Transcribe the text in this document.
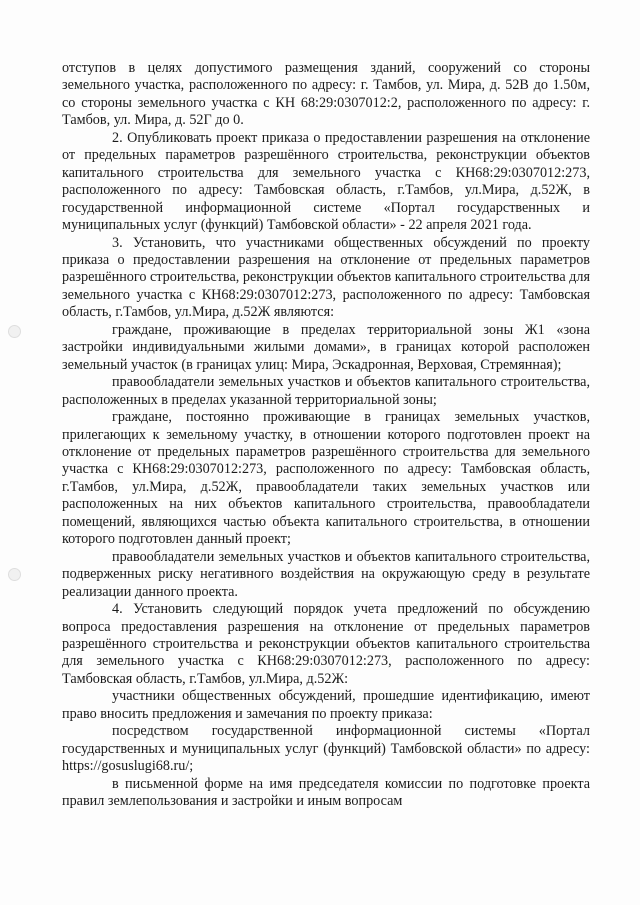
отступов в целях допустимого размещения зданий, сооружений со стороны земельного участка, расположенного по адресу: г. Тамбов, ул. Мира, д. 52В до 1.50м, со стороны земельного участка с КН 68:29:0307012:2, расположенного по адресу: г. Тамбов, ул. Мира, д. 52Г до 0.

2. Опубликовать проект приказа о предоставлении разрешения на отклонение от предельных параметров разрешённого строительства, реконструкции объектов капитального строительства для земельного участка с КН68:29:0307012:273, расположенного по адресу: Тамбовская область, г.Тамбов, ул.Мира, д.52Ж, в государственной информационной системе «Портал государственных и муниципальных услуг (функций) Тамбовской области» - 22 апреля 2021 года.

3. Установить, что участниками общественных обсуждений по проекту приказа о предоставлении разрешения на отклонение от предельных параметров разрешённого строительства, реконструкции объектов капитального строительства для земельного участка с КН68:29:0307012:273, расположенного по адресу: Тамбовская область, г.Тамбов, ул.Мира, д.52Ж являются:

граждане, проживающие в пределах территориальной зоны Ж1 «зона застройки индивидуальными жилыми домами», в границах которой расположен земельный участок (в границах улиц: Мира, Эскадронная, Верховая, Стремянная);

правообладатели земельных участков и объектов капитального строительства, расположенных в пределах указанной территориальной зоны;

граждане, постоянно проживающие в границах земельных участков, прилегающих к земельному участку, в отношении которого подготовлен проект на отклонение от предельных параметров разрешённого строительства для земельного участка с КН68:29:0307012:273, расположенного по адресу: Тамбовская область, г.Тамбов, ул.Мира, д.52Ж, правообладатели таких земельных участков или расположенных на них объектов капитального строительства, правообладатели помещений, являющихся частью объекта капитального строительства, в отношении которого подготовлен данный проект;

правообладатели земельных участков и объектов капитального строительства, подверженных риску негативного воздействия на окружающую среду в результате реализации данного проекта.

4. Установить следующий порядок учета предложений по обсуждению вопроса предоставления разрешения на отклонение от предельных параметров разрешённого строительства и реконструкции объектов капитального строительства для земельного участка с КН68:29:0307012:273, расположенного по адресу: Тамбовская область, г.Тамбов, ул.Мира, д.52Ж:

участники общественных обсуждений, прошедшие идентификацию, имеют право вносить предложения и замечания по проекту приказа:

посредством государственной информационной системы «Портал государственных и муниципальных услуг (функций) Тамбовской области» по адресу: https://gosuslugi68.ru/;

в письменной форме на имя председателя комиссии по подготовке проекта правил землепользования и застройки и иным вопросам
